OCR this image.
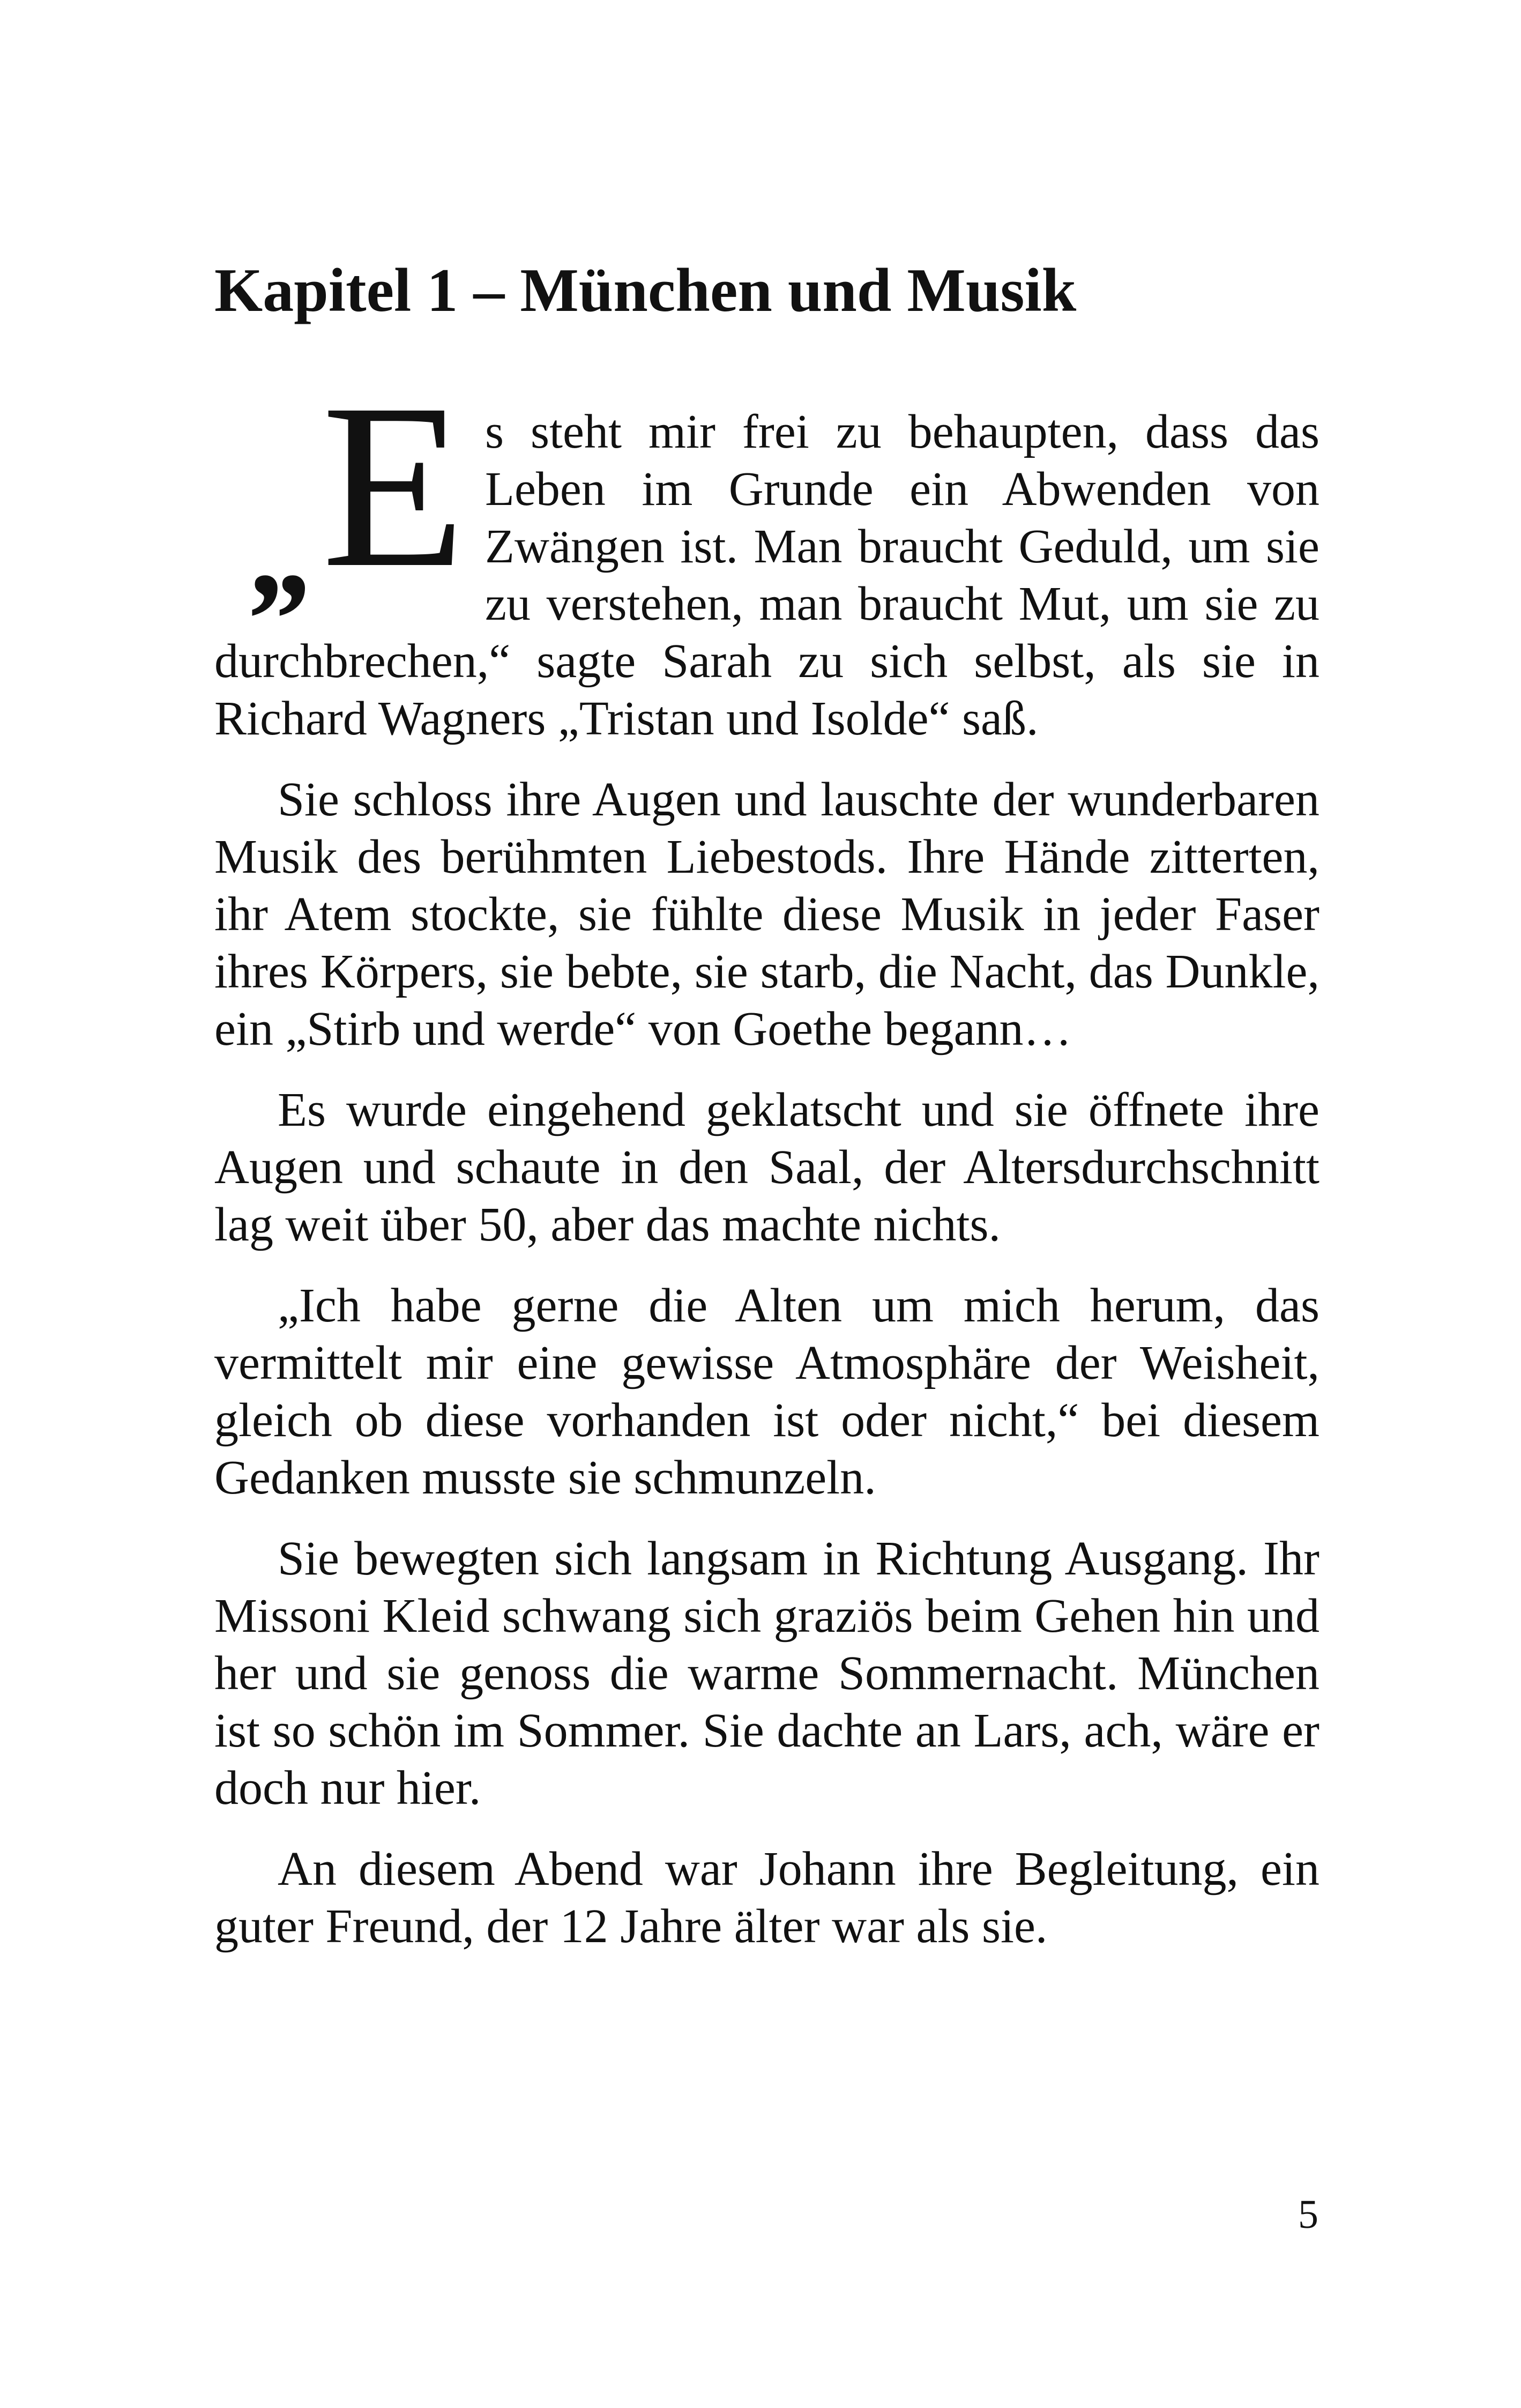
Kapitel 1 – München und Musik

„ E s steht mir frei zu behaupten, dass das Leben im Grunde ein Abwenden von Zwängen ist. Man braucht Geduld, um sie zu verstehen, man braucht Mut, um sie zu durchbrechen,“ sagte Sarah zu sich selbst, als sie in Richard Wagners „Tristan und Isolde“ saß.

Sie schloss ihre Augen und lauschte der wunderbaren Musik des berühmten Liebestods. Ihre Hände zitterten, ihr Atem stockte, sie fühlte diese Musik in jeder Faser ihres Körpers, sie bebte, sie starb, die Nacht, das Dunkle, ein „Stirb und werde“ von Goethe begann…

Es wurde eingehend geklatscht und sie öffnete ihre Augen und schaute in den Saal, der Altersdurchschnitt lag weit über 50, aber das machte nichts.

„Ich habe gerne die Alten um mich herum, das vermittelt mir eine gewisse Atmosphäre der Weisheit, gleich ob diese vorhanden ist oder nicht,“ bei diesem Gedanken musste sie schmunzeln.

Sie bewegten sich langsam in Richtung Ausgang. Ihr Missoni Kleid schwang sich graziös beim Gehen hin und her und sie genoss die warme Sommernacht. München ist so schön im Sommer. Sie dachte an Lars, ach, wäre er doch nur hier.

An diesem Abend war Johann ihre Begleitung, ein guter Freund, der 12 Jahre älter war als sie.

5
